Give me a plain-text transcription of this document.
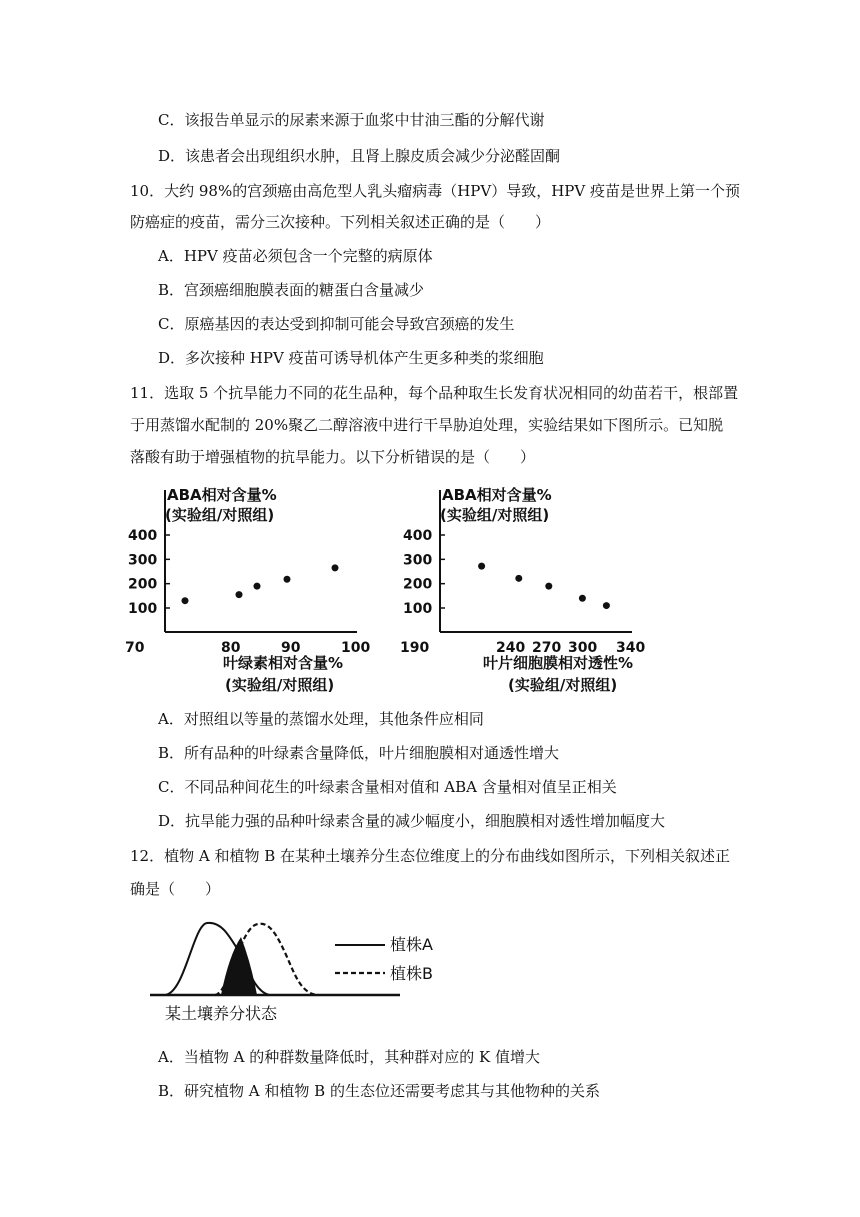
C．该报告单显示的尿素来源于血浆中甘油三酯的分解代谢
D．该患者会出现组织水肿，且肾上腺皮质会减少分泌醛固酮
10．大约 98%的宫颈癌由高危型人乳头瘤病毒（HPV）导致，HPV 疫苗是世界上第一个预
防癌症的疫苗，需分三次接种。下列相关叙述正确的是（　　）
A．HPV 疫苗必须包含一个完整的病原体
B．宫颈癌细胞膜表面的糖蛋白含量减少
C．原癌基因的表达受到抑制可能会导致宫颈癌的发生
D．多次接种 HPV 疫苗可诱导机体产生更多种类的浆细胞
11．选取 5 个抗旱能力不同的花生品种，每个品种取生长发育状况相同的幼苗若干，根部置
于用蒸馏水配制的 20%聚乙二醇溶液中进行干旱胁迫处理，实验结果如下图所示。已知脱
落酸有助于增强植物的抗旱能力。以下分析错误的是（　　）
ABA相对含量%
(实验组/对照组)
100
200
300
400
70	80	90	100
叶绿素相对含量%
(实验组/对照组)
ABA相对含量%
(实验组/对照组)
100
200
300
400
190	240 270 300 340
叶片细胞膜相对透性%
(实验组/对照组)
A．对照组以等量的蒸馏水处理，其他条件应相同
B．所有品种的叶绿素含量降低，叶片细胞膜相对通透性增大
C．不同品种间花生的叶绿素含量相对值和 ABA 含量相对值呈正相关
D．抗旱能力强的品种叶绿素含量的减少幅度小，细胞膜相对透性增加幅度大
12．植物 A 和植物 B 在某种土壤养分生态位维度上的分布曲线如图所示，下列相关叙述正
确是（　　）
植株A
植株B
某土壤养分状态
A．当植物 A 的种群数量降低时，其种群对应的 K 值增大
B．研究植物 A 和植物 B 的生态位还需要考虑其与其他物种的关系
